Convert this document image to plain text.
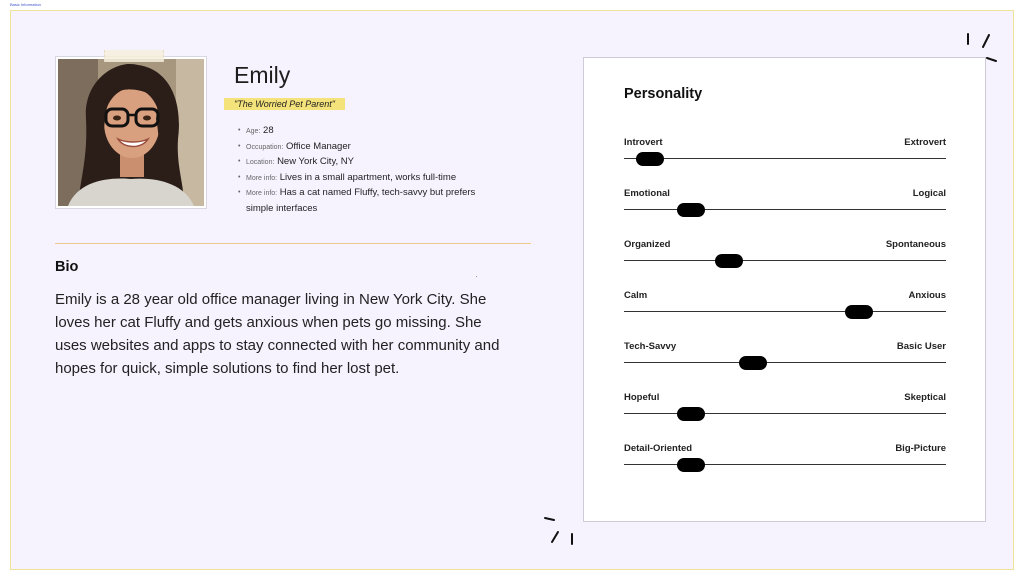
Basic Information
Emily
"The Worried Pet Parent"
• Age: 28
• Occupation: Office Manager
• Location: New York City, NY
• More info: Lives in a small apartment, works full-time
• More info: Has a cat named Fluffy, tech-savvy but prefers simple interfaces
Bio
Emily is a 28 year old office manager living in New York City. She loves her cat Fluffy and gets anxious when pets go missing. She uses websites and apps to stay connected with her community and hopes for quick, simple solutions to find her lost pet.
Personality
Introvert	Extrovert
Emotional	Logical
Organized	Spontaneous
Calm	Anxious
Tech-Savvy	Basic User
Hopeful	Skeptical
Detail-Oriented	Big-Picture
